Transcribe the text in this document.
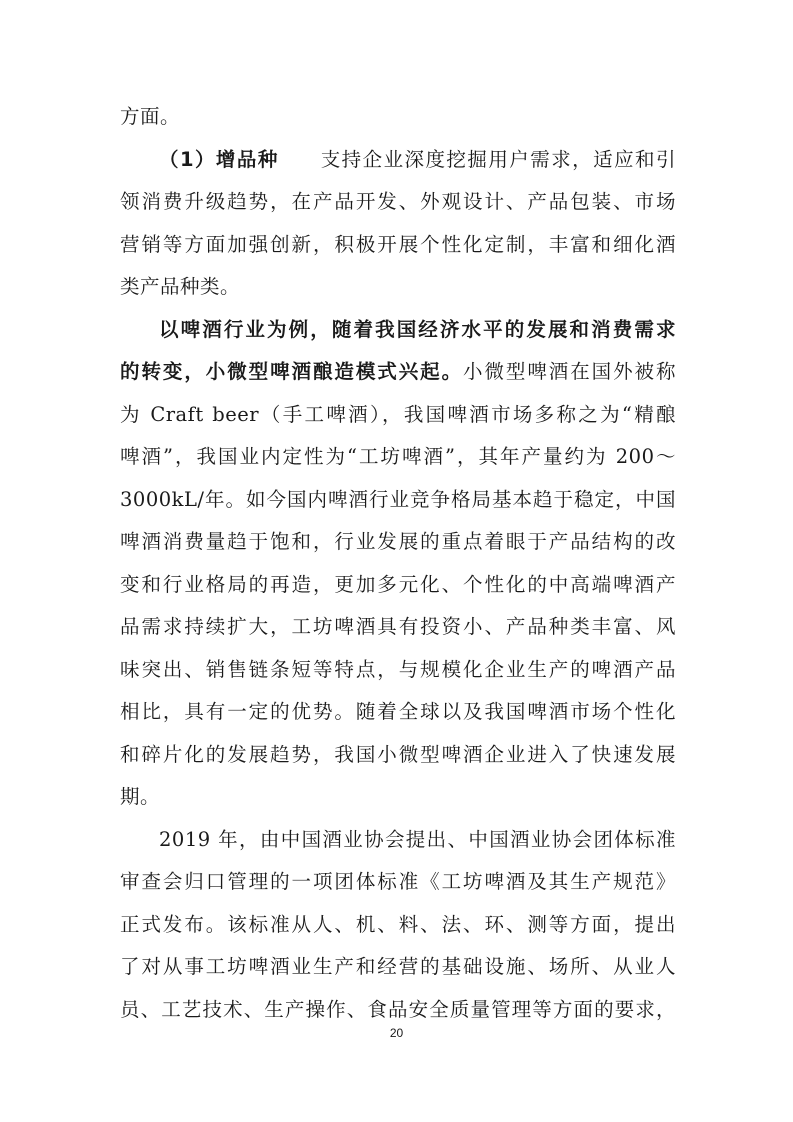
方面。
（1）增品种　　支持企业深度挖掘用户需求，适应和引
领消费升级趋势，在产品开发、外观设计、产品包装、市场
营销等方面加强创新，积极开展个性化定制，丰富和细化酒
类产品种类。
以啤酒行业为例，随着我国经济水平的发展和消费需求
的转变，小微型啤酒酿造模式兴起。小微型啤酒在国外被称
为 Craft beer（手工啤酒），我国啤酒市场多称之为“精酿
啤酒”，我国业内定性为“工坊啤酒”，其年产量约为 200～
3000kL/年。如今国内啤酒行业竞争格局基本趋于稳定，中国
啤酒消费量趋于饱和，行业发展的重点着眼于产品结构的改
变和行业格局的再造，更加多元化、个性化的中高端啤酒产
品需求持续扩大，工坊啤酒具有投资小、产品种类丰富、风
味突出、销售链条短等特点，与规模化企业生产的啤酒产品
相比，具有一定的优势。随着全球以及我国啤酒市场个性化
和碎片化的发展趋势，我国小微型啤酒企业进入了快速发展
期。
2019 年，由中国酒业协会提出、中国酒业协会团体标准
审查会归口管理的一项团体标准《工坊啤酒及其生产规范》
正式发布。该标准从人、机、料、法、环、测等方面，提出
了对从事工坊啤酒业生产和经营的基础设施、场所、从业人
员、工艺技术、生产操作、食品安全质量管理等方面的要求，
20
